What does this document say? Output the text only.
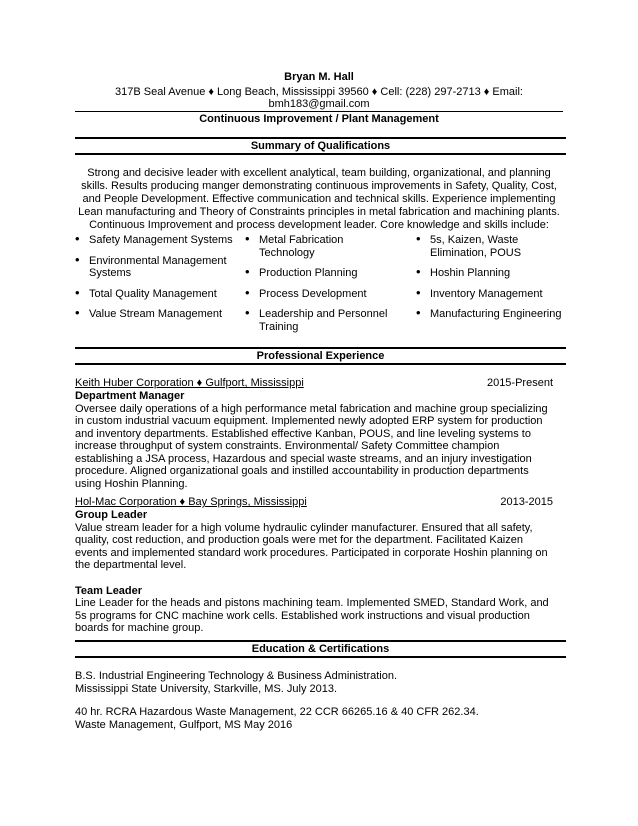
Bryan M. Hall
317B Seal Avenue ♦ Long Beach, Mississippi 39560 ♦ Cell: (228) 297-2713 ♦ Email: bmh183@gmail.com
Continuous Improvement / Plant Management
Summary of Qualifications
Strong and decisive leader with excellent analytical, team building, organizational, and planning skills. Results producing manger demonstrating continuous improvements in Safety, Quality, Cost, and People Development. Effective communication and technical skills. Experience implementing Lean manufacturing and Theory of Constraints principles in metal fabrication and machining plants. Continuous Improvement and process development leader. Core knowledge and skills include:
• Safety Management Systems
• Environmental Management Systems
• Total Quality Management
• Value Stream Management
• Metal Fabrication Technology
• Production Planning
• Process Development
• Leadership and Personnel Training
• 5s, Kaizen, Waste Elimination, POUS
• Hoshin Planning
• Inventory Management
• Manufacturing Engineering
Professional Experience
Keith Huber Corporation ♦ Gulfport, Mississippi	2015-Present
Department Manager
Oversee daily operations of a high performance metal fabrication and machine group specializing in custom industrial vacuum equipment. Implemented newly adopted ERP system for production and inventory departments. Established effective Kanban, POUS, and line leveling systems to increase throughput of system constraints. Environmental/ Safety Committee champion establishing a JSA process, Hazardous and special waste streams, and an injury investigation procedure. Aligned organizational goals and instilled accountability in production departments using Hoshin Planning.
Hol-Mac Corporation ♦ Bay Springs, Mississippi	2013-2015
Group Leader
Value stream leader for a high volume hydraulic cylinder manufacturer. Ensured that all safety, quality, cost reduction, and production goals were met for the department. Facilitated Kaizen events and implemented standard work procedures. Participated in corporate Hoshin planning on the departmental level.
Team Leader
Line Leader for the heads and pistons machining team. Implemented SMED, Standard Work, and 5s programs for CNC machine work cells. Established work instructions and visual production boards for machine group.
Education & Certifications
B.S. Industrial Engineering Technology & Business Administration.
Mississippi State University, Starkville, MS. July 2013.
40 hr. RCRA Hazardous Waste Management, 22 CCR 66265.16 & 40 CFR 262.34.
Waste Management, Gulfport, MS May 2016
